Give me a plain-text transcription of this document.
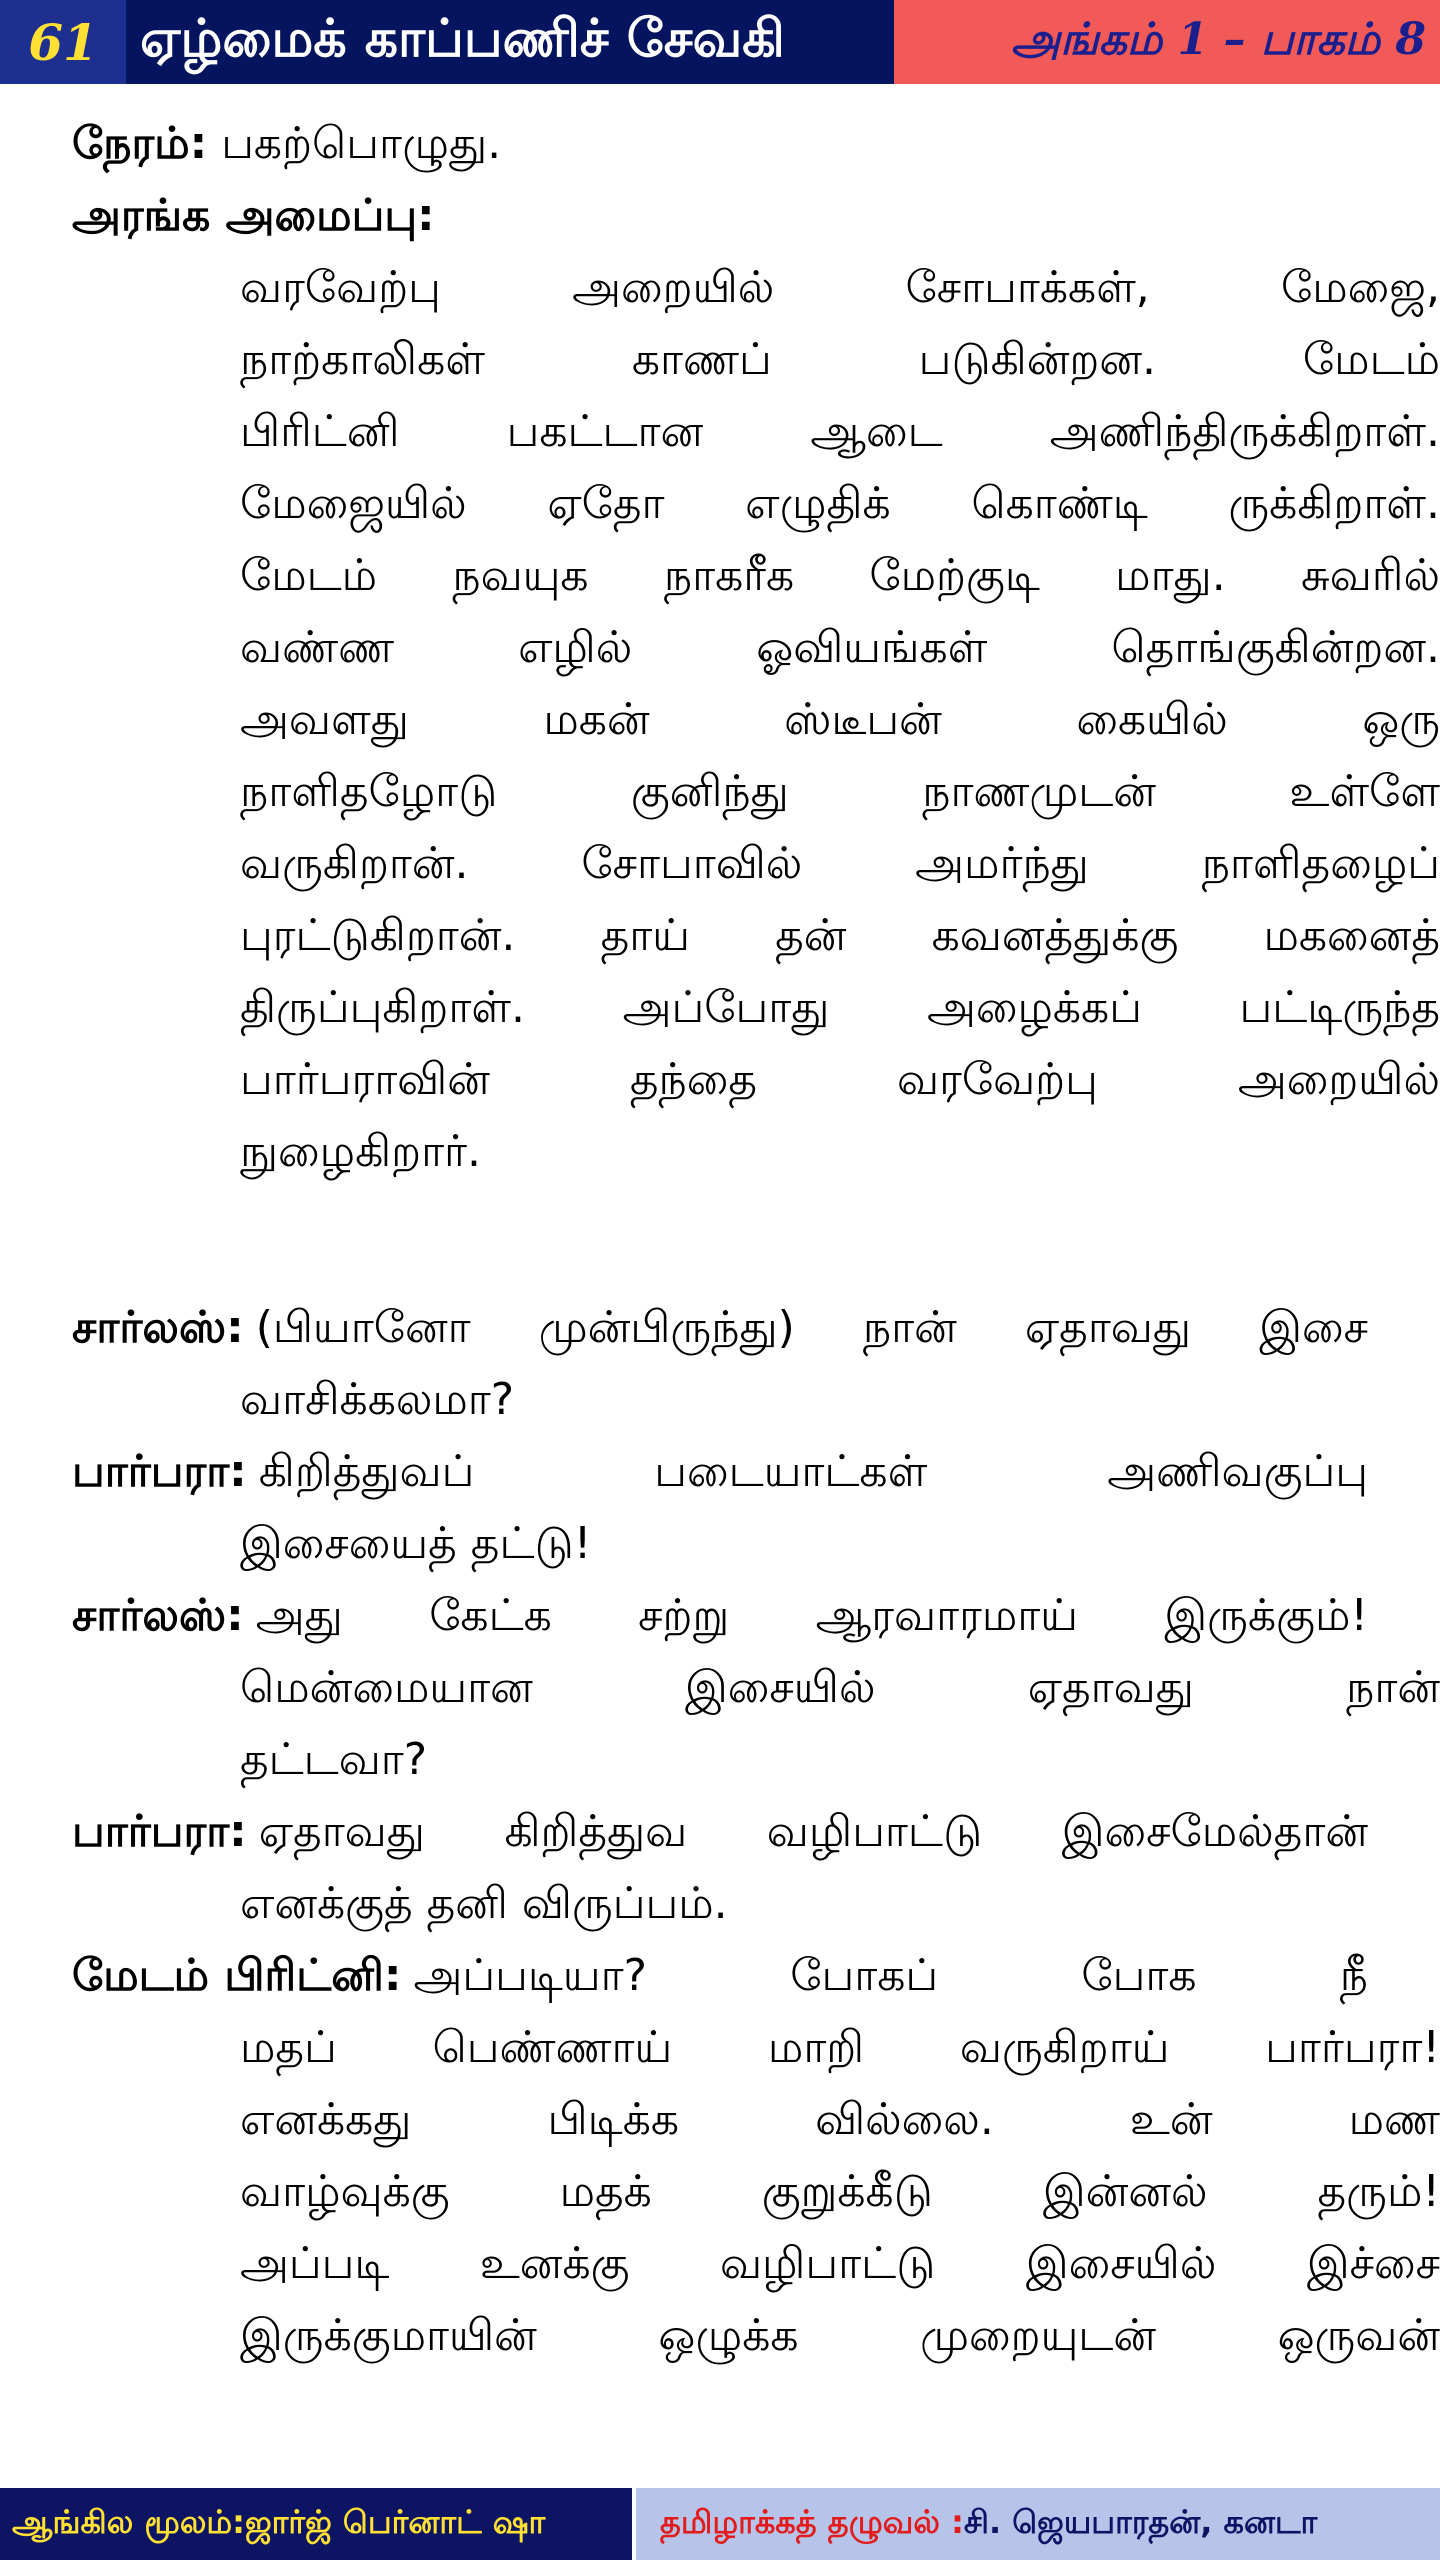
61 ஏழ்மைக் காப்பணிச் சேவகி	அங்கம் 1 – பாகம் 8
நேரம்: பகற்பொழுது.
அரங்க அமைப்பு:
வரவேற்பு அறையில் சோபாக்கள், மேஜை,
நாற்காலிகள் காணப் படுகின்றன. மேடம்
பிரிட்னி பகட்டான ஆடை அணிந்திருக்கிறாள்.
மேஜையில் ஏதோ எழுதிக் கொண்டி ருக்கிறாள்.
மேடம் நவயுக நாகரீக மேற்குடி மாது. சுவரில்
வண்ண எழில் ஓவியங்கள் தொங்குகின்றன.
அவளது மகன் ஸ்டீபன் கையில் ஒரு
நாளிதழோடு குனிந்து நாணமுடன் உள்ளே
வருகிறான். சோபாவில் அமர்ந்து நாளிதழைப்
புரட்டுகிறான். தாய் தன் கவனத்துக்கு மகனைத்
திருப்புகிறாள். அப்போது அழைக்கப் பட்டிருந்த
பார்பராவின் தந்தை வரவேற்பு அறையில்
நுழைகிறார்.
சார்லஸ்: (பியானோ முன்பிருந்து) நான் ஏதாவது இசை
வாசிக்கலமா?
பார்பரா: கிறித்துவப் படையாட்கள் அணிவகுப்பு
இசையைத் தட்டு!
சார்லஸ்: அது கேட்க சற்று ஆரவாரமாய் இருக்கும்!
மென்மையான இசையில் ஏதாவது நான்
தட்டவா?
பார்பரா: ஏதாவது கிறித்துவ வழிபாட்டு இசைமேல்தான்
எனக்குத் தனி விருப்பம்.
மேடம் பிரிட்னி: அப்படியா? போகப் போக நீ
மதப் பெண்ணாய் மாறி வருகிறாய் பார்பரா!
எனக்கது பிடிக்க வில்லை. உன் மண
வாழ்வுக்கு மதக் குறுக்கீடு இன்னல் தரும்!
அப்படி உனக்கு வழிபாட்டு இசையில் இச்சை
இருக்குமாயின் ஒழுக்க முறையுடன் ஒருவன்
ஆங்கில மூலம்: ஜார்ஜ் பெர்னாட் ஷா	தமிழாக்கத் தழுவல் : சி. ஜெயபாரதன், கனடா
